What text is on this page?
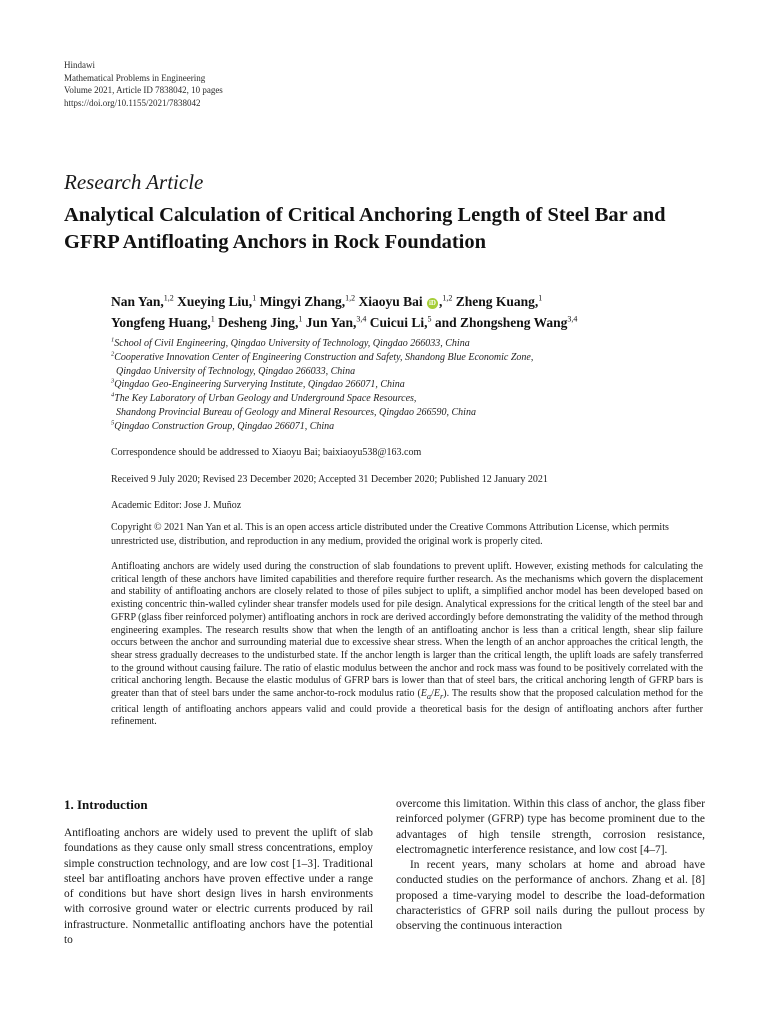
Hindawi
Mathematical Problems in Engineering
Volume 2021, Article ID 7838042, 10 pages
https://doi.org/10.1155/2021/7838042
Research Article
Analytical Calculation of Critical Anchoring Length of Steel Bar and GFRP Antifloating Anchors in Rock Foundation
Nan Yan,$^{1,2}$ Xueying Liu,$^1$ Mingyi Zhang,$^{1,2}$ Xiaoyu Bai iD ,$^{1,2}$ Zheng Kuang,$^1$
Yongfeng Huang,$^1$ Desheng Jing,$^1$ Jun Yan,$^{3,4}$ Cuicui Li,$^5$ and Zhongsheng Wang$^{3,4}$
$^1$School of Civil Engineering, Qingdao University of Technology, Qingdao 266033, China
$^2$Cooperative Innovation Center of Engineering Construction and Safety, Shandong Blue Economic Zone,
Qingdao University of Technology, Qingdao 266033, China
$^3$Qingdao Geo-Engineering Surverying Institute, Qingdao 266071, China
$^4$The Key Laboratory of Urban Geology and Underground Space Resources,
Shandong Provincial Bureau of Geology and Mineral Resources, Qingdao 266590, China
$^5$Qingdao Construction Group, Qingdao 266071, China
Correspondence should be addressed to Xiaoyu Bai; baixiaoyu538@163.com
Received 9 July 2020; Revised 23 December 2020; Accepted 31 December 2020; Published 12 January 2021
Academic Editor: Jose J. Muñoz
Copyright © 2021 Nan Yan et al. This is an open access article distributed under the Creative Commons Attribution License, which permits unrestricted use, distribution, and reproduction in any medium, provided the original work is properly cited.
Antifloating anchors are widely used during the construction of slab foundations to prevent uplift. However, existing methods for calculating the critical length of these anchors have limited capabilities and therefore require further research. As the mechanisms which govern the displacement and stability of antifloating anchors are closely related to those of piles subject to uplift, a simplified anchor model has been developed based on existing concentric thin-walled cylinder shear transfer models used for pile design. Analytical expressions for the critical length of the steel bar and GFRP (glass fiber reinforced polymer) antifloating anchors in rock are derived accordingly before demonstrating the validity of the method through engineering examples. The research results show that when the length of an antifloating anchor is less than a critical length, shear slip failure occurs between the anchor and surrounding material due to excessive shear stress. When the length of an anchor approaches the critical length, the shear stress gradually decreases to the undisturbed state. If the anchor length is larger than the critical length, the uplift loads are safely transferred to the ground without causing failure. The ratio of elastic modulus between the anchor and rock mass was found to be positively correlated with the critical anchoring length. Because the elastic modulus of GFRP bars is lower than that of steel bars, the critical anchoring length of GFRP bars is greater than that of steel bars under the same anchor-to-rock modulus ratio $(E_a/E_r)$. The results show that the proposed calculation method for the critical length of antifloating anchors appears valid and could provide a theoretical basis for the design of antifloating anchors after further refinement.
1. Introduction

Antifloating anchors are widely used to prevent the uplift of slab foundations as they cause only small stress concentrations, employ simple construction technology, and are low cost [1–3]. Traditional steel bar antifloating anchors have proven effective under a range of conditions but have short design lives in harsh environments with corrosive ground water or electric currents produced by rail infrastructure. Nonmetallic antifloating anchors have the potential to

overcome this limitation. Within this class of anchor, the glass fiber reinforced polymer (GFRP) type has become prominent due to the advantages of high tensile strength, corrosion resistance, electromagnetic interference resistance, and low cost [4–7].

In recent years, many scholars at home and abroad have conducted studies on the performance of anchors. Zhang et al. [8] proposed a time-varying model to describe the load-deformation characteristics of GFRP soil nails during the pullout process by observing the continuous interaction
